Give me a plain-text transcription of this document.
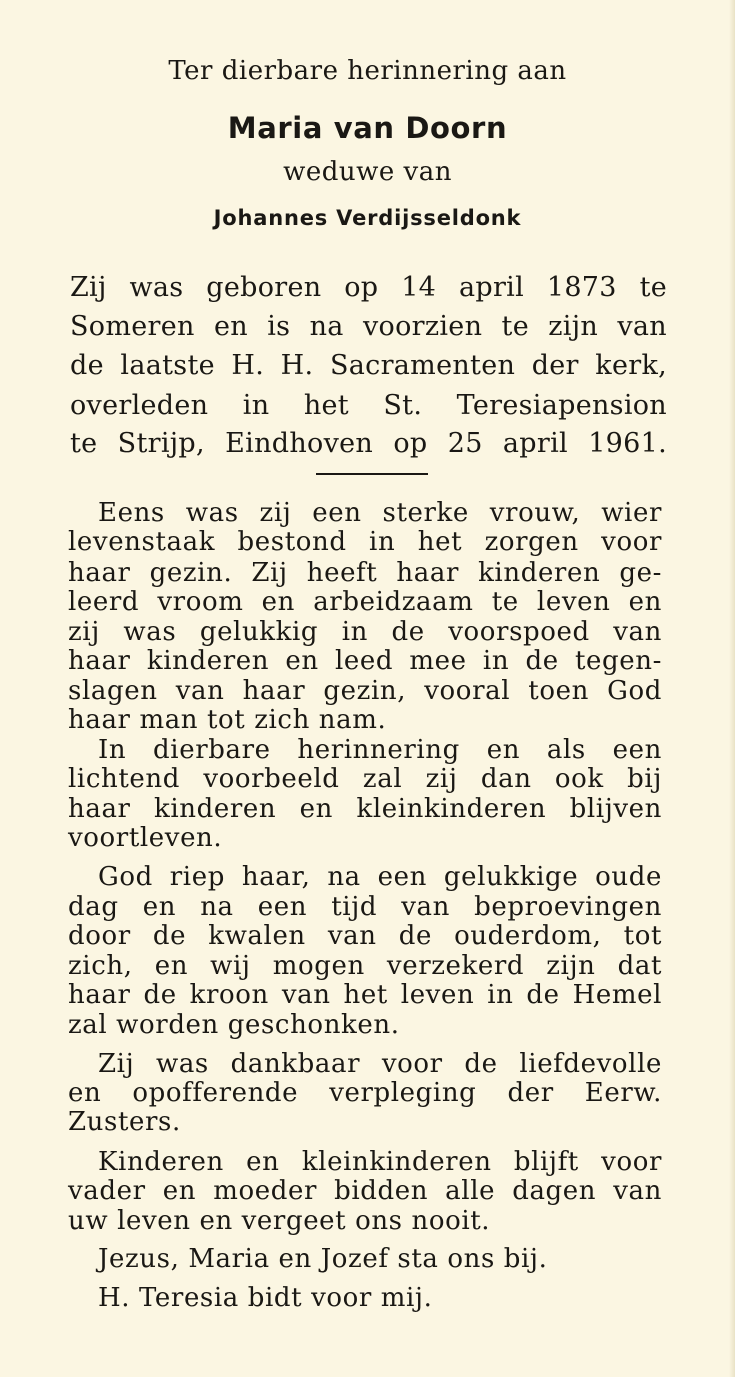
Ter dierbare herinnering aan
Maria van Doorn
weduwe van
Johannes Verdijsseldonk
Zij was geboren op 14 april 1873 te
Someren en is na voorzien te zijn van
de laatste H. H. Sacramenten der kerk,
overleden in het St. Teresiapension
te Strijp, Eindhoven op 25 april 1961.
Eens was zij een sterke vrouw, wier
levenstaak bestond in het zorgen voor
haar gezin. Zij heeft haar kinderen ge-
leerd vroom en arbeidzaam te leven en
zij was gelukkig in de voorspoed van
haar kinderen en leed mee in de tegen-
slagen van haar gezin, vooral toen God
haar man tot zich nam.
In dierbare herinnering en als een
lichtend voorbeeld zal zij dan ook bij
haar kinderen en kleinkinderen blijven
voortleven.
God riep haar, na een gelukkige oude
dag en na een tijd van beproevingen
door de kwalen van de ouderdom, tot
zich, en wij mogen verzekerd zijn dat
haar de kroon van het leven in de Hemel
zal worden geschonken.
Zij was dankbaar voor de liefdevolle
en opofferende verpleging der Eerw.
Zusters.
Kinderen en kleinkinderen blijft voor
vader en moeder bidden alle dagen van
uw leven en vergeet ons nooit.
Jezus, Maria en Jozef sta ons bij.
H. Teresia bidt voor mij.
